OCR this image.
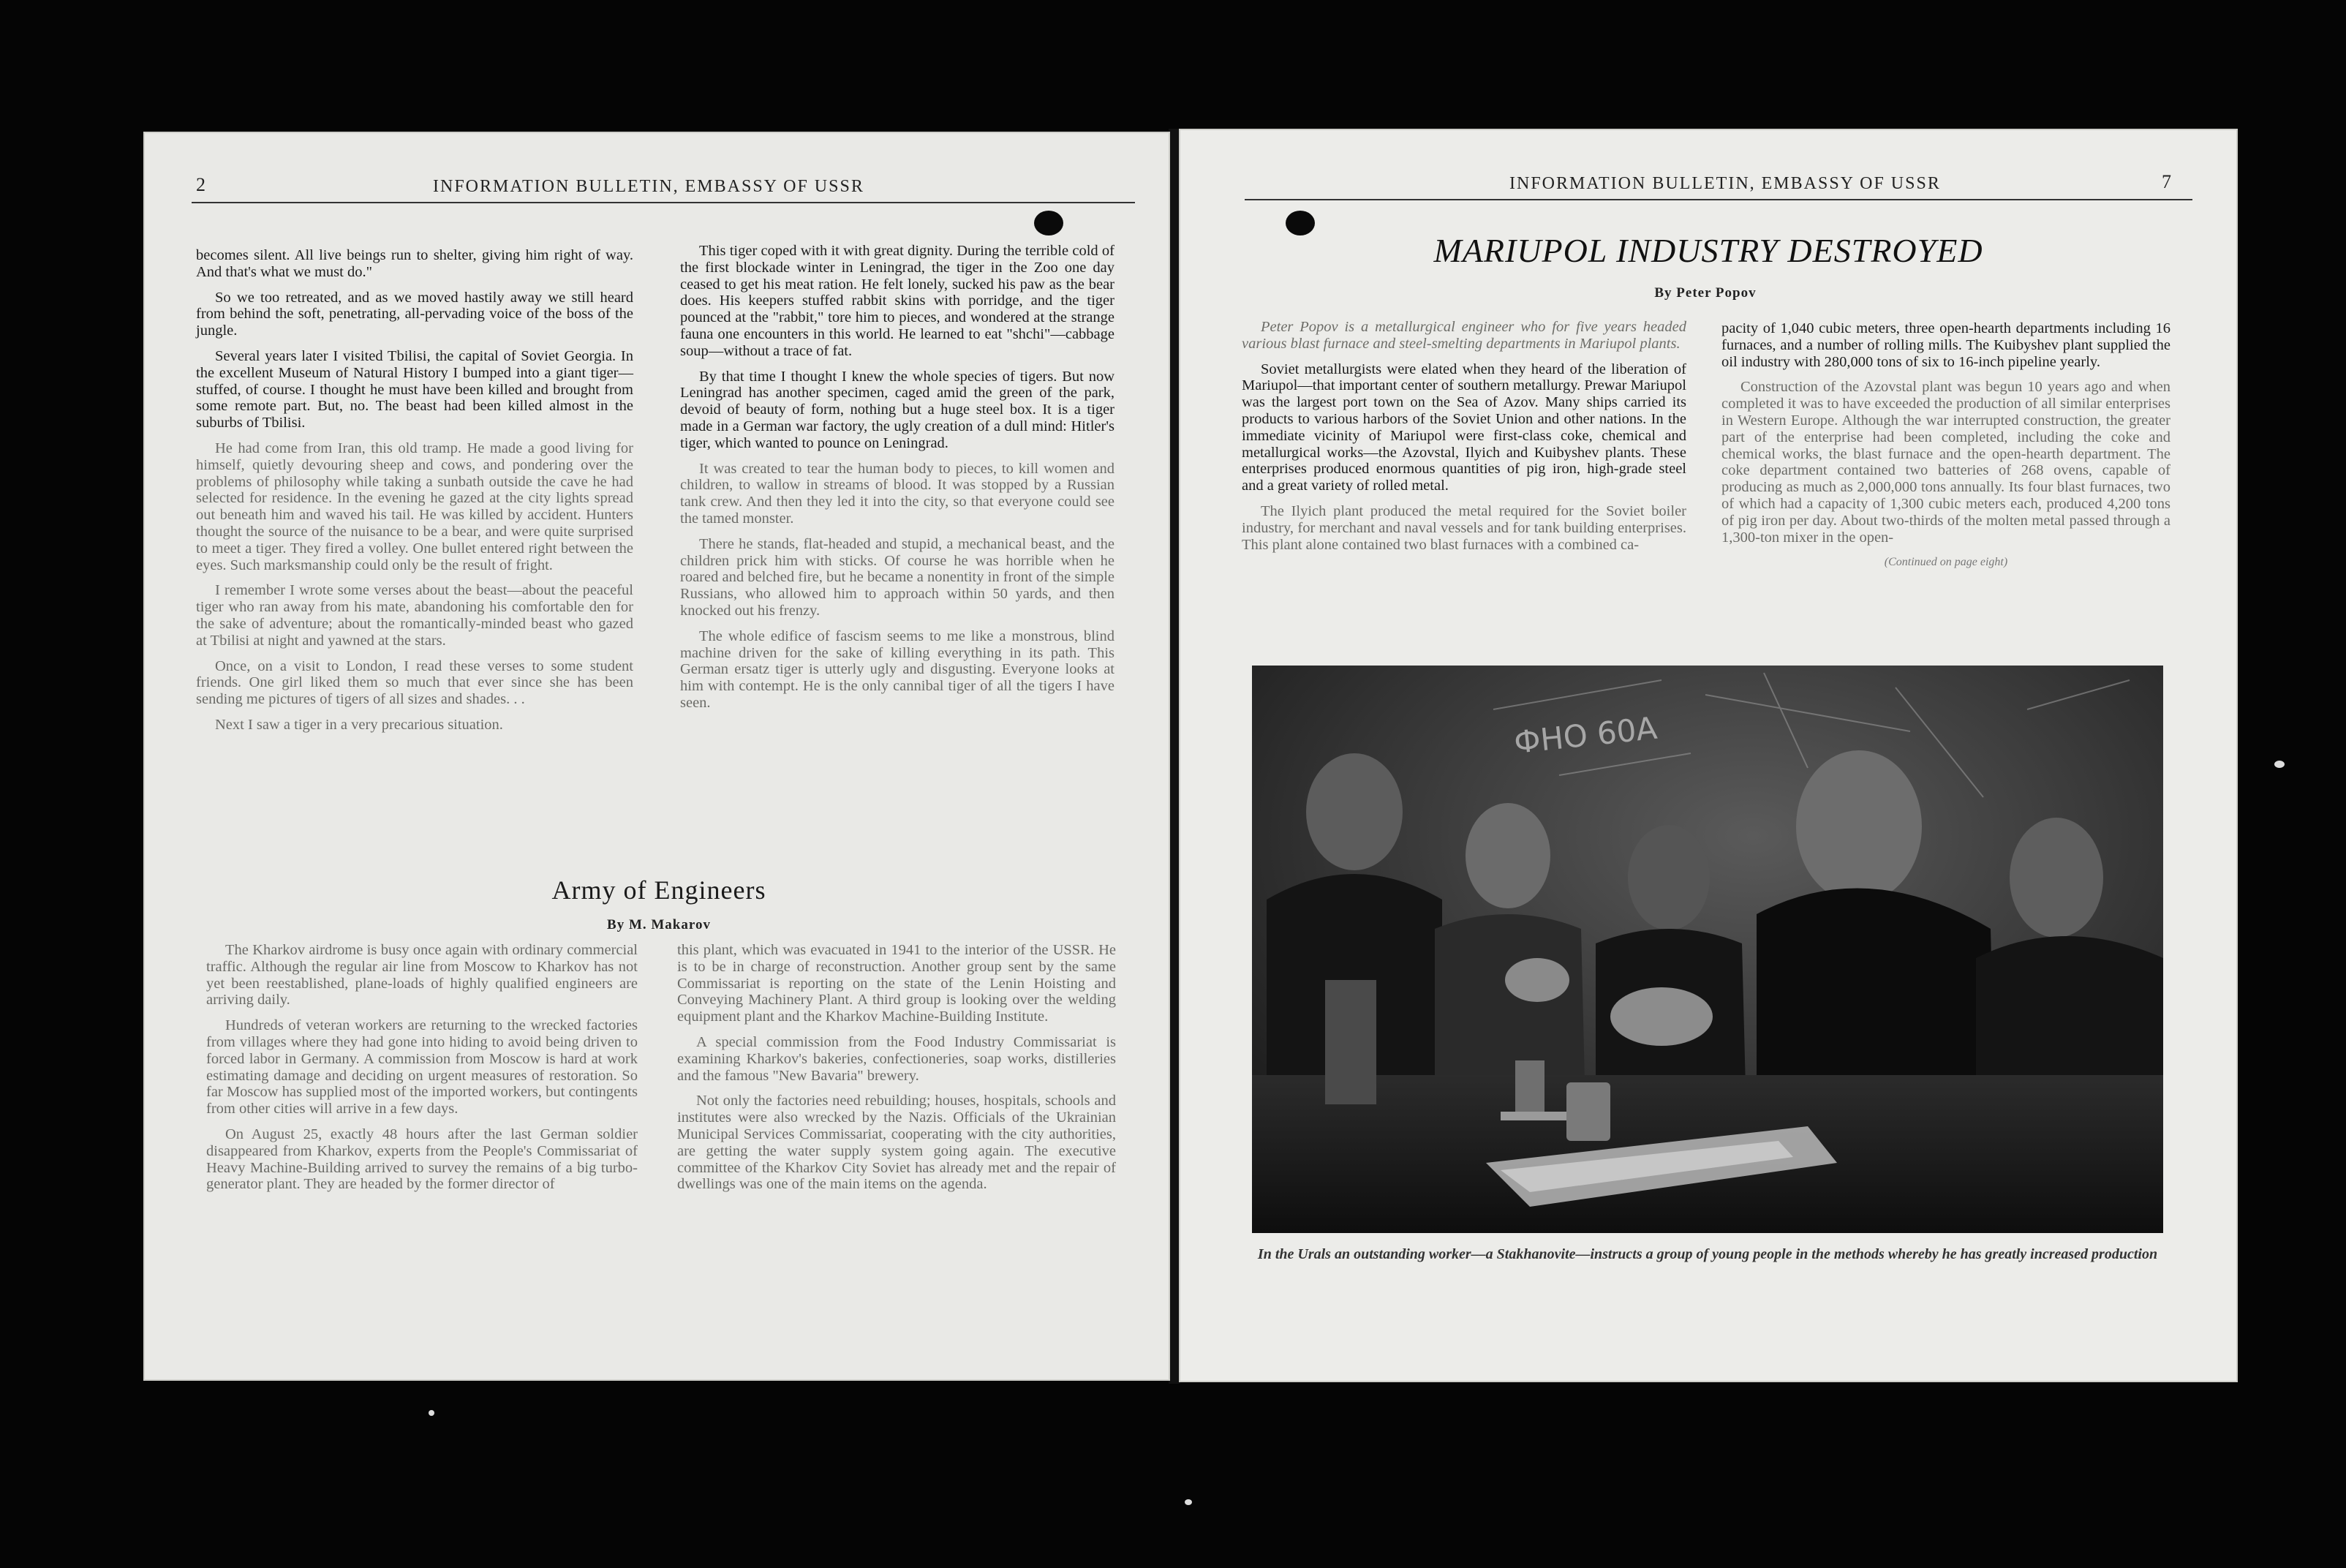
2	INFORMATION BULLETIN, EMBASSY OF USSR

becomes silent. All live beings run to shelter, giving him right of way. And that's what we must do."

So we too retreated, and as we moved hastily away we still heard from behind the soft, penetrating, all-pervading voice of the boss of the jungle.

Several years later I visited Tbilisi, the capital of Soviet Georgia. In the excellent Museum of Natural History I bumped into a giant tiger—stuffed, of course. I thought he must have been killed and brought from some remote part. But, no. The beast had been killed almost in the suburbs of Tbilisi.

He had come from Iran, this old tramp. He made a good living for himself, quietly devouring sheep and cows, and pondering over the problems of philosophy while taking a sunbath outside the cave he had selected for residence. In the evening he gazed at the city lights spread out beneath him and waved his tail. He was killed by accident. Hunters thought the source of the nuisance to be a bear, and were quite surprised to meet a tiger. They fired a volley. One bullet entered right between the eyes. Such marksmanship could only be the result of fright.

I remember I wrote some verses about the beast—about the peaceful tiger who ran away from his mate, abandoning his comfortable den for the sake of adventure; about the romantically-minded beast who gazed at Tbilisi at night and yawned at the stars.

Once, on a visit to London, I read these verses to some student friends. One girl liked them so much that ever since she has been sending me pictures of tigers of all sizes and shades. . .

Next I saw a tiger in a very precarious situation.

This tiger coped with it with great dignity. During the terrible cold of the first blockade winter in Leningrad, the tiger in the Zoo one day ceased to get his meat ration. He felt lonely, sucked his paw as the bear does. His keepers stuffed rabbit skins with porridge, and the tiger pounced at the "rabbit," tore him to pieces, and wondered at the strange fauna one encounters in this world. He learned to eat "shchi"—cabbage soup—without a trace of fat.

By that time I thought I knew the whole species of tigers. But now Leningrad has another specimen, caged amid the green of the park, devoid of beauty of form, nothing but a huge steel box. It is a tiger made in a German war factory, the ugly creation of a dull mind: Hitler's tiger, which wanted to pounce on Leningrad.

It was created to tear the human body to pieces, to kill women and children, to wallow in streams of blood. It was stopped by a Russian tank crew. And then they led it into the city, so that everyone could see the tamed monster.

There he stands, flat-headed and stupid, a mechanical beast, and the children prick him with sticks. Of course he was horrible when he roared and belched fire, but he became a nonentity in front of the simple Russians, who allowed him to approach within 50 yards, and then knocked out his frenzy.

The whole edifice of fascism seems to me like a monstrous, blind machine driven for the sake of killing everything in its path. This German ersatz tiger is utterly ugly and disgusting. Everyone looks at him with contempt. He is the only cannibal tiger of all the tigers I have seen.

Army of Engineers
By M. Makarov

The Kharkov airdrome is busy once again with ordinary commercial traffic. Although the regular air line from Moscow to Kharkov has not yet been reestablished, plane-loads of highly qualified engineers are arriving daily.

Hundreds of veteran workers are returning to the wrecked factories from villages where they had gone into hiding to avoid being driven to forced labor in Germany. A commission from Moscow is hard at work estimating damage and deciding on urgent measures of restoration. So far Moscow has supplied most of the imported workers, but contingents from other cities will arrive in a few days.

On August 25, exactly 48 hours after the last German soldier disappeared from Kharkov, experts from the People's Commissariat of Heavy Machine-Building arrived to survey the remains of a big turbo-generator plant. They are headed by the former director of

this plant, which was evacuated in 1941 to the interior of the USSR. He is to be in charge of reconstruction. Another group sent by the same Commissariat is reporting on the state of the Lenin Hoisting and Conveying Machinery Plant. A third group is looking over the welding equipment plant and the Kharkov Machine-Building Institute.

A special commission from the Food Industry Commissariat is examining Kharkov's bakeries, confectioneries, soap works, distilleries and the famous "New Bavaria" brewery.

Not only the factories need rebuilding; houses, hospitals, schools and institutes were also wrecked by the Nazis. Officials of the Ukrainian Municipal Services Commissariat, cooperating with the city authorities, are getting the water supply system going again. The executive committee of the Kharkov City Soviet has already met and the repair of dwellings was one of the main items on the agenda.

INFORMATION BULLETIN, EMBASSY OF USSR	7
MARIUPOL INDUSTRY DESTROYED
By Peter Popov

Peter Popov is a metallurgical engineer who for five years headed various blast furnace and steel-smelting departments in Mariupol plants.

Soviet metallurgists were elated when they heard of the liberation of Mariupol—that important center of southern metallurgy. Prewar Mariupol was the largest port town on the Sea of Azov. Many ships carried its products to various harbors of the Soviet Union and other nations. In the immediate vicinity of Mariupol were first-class coke, chemical and metallurgical works—the Azovstal, Ilyich and Kuibyshev plants. These enterprises produced enormous quantities of pig iron, high-grade steel and a great variety of rolled metal.

The Ilyich plant produced the metal required for the Soviet boiler industry, for merchant and naval vessels and for tank building enterprises. This plant alone contained two blast furnaces with a combined ca-

pacity of 1,040 cubic meters, three open-hearth departments including 16 furnaces, and a number of rolling mills. The Kuibyshev plant supplied the oil industry with 280,000 tons of six to 16-inch pipeline yearly.

Construction of the Azovstal plant was begun 10 years ago and when completed it was to have exceeded the production of all similar enterprises in Western Europe. Although the war interrupted construction, the greater part of the enterprise had been completed, including the coke and chemical works, the blast furnace and the open-hearth department. The coke department contained two batteries of 268 ovens, capable of producing as much as 2,000,000 tons annually. Its four blast furnaces, two of which had a capacity of 1,300 cubic meters each, produced 4,200 tons of pig iron per day. About two-thirds of the molten metal passed through a 1,300-ton mixer in the open-

(Continued on page eight)

ФНО 60А
In the Urals an outstanding worker—a Stakhanovite—instructs a group of young people in the methods whereby he has greatly increased production
